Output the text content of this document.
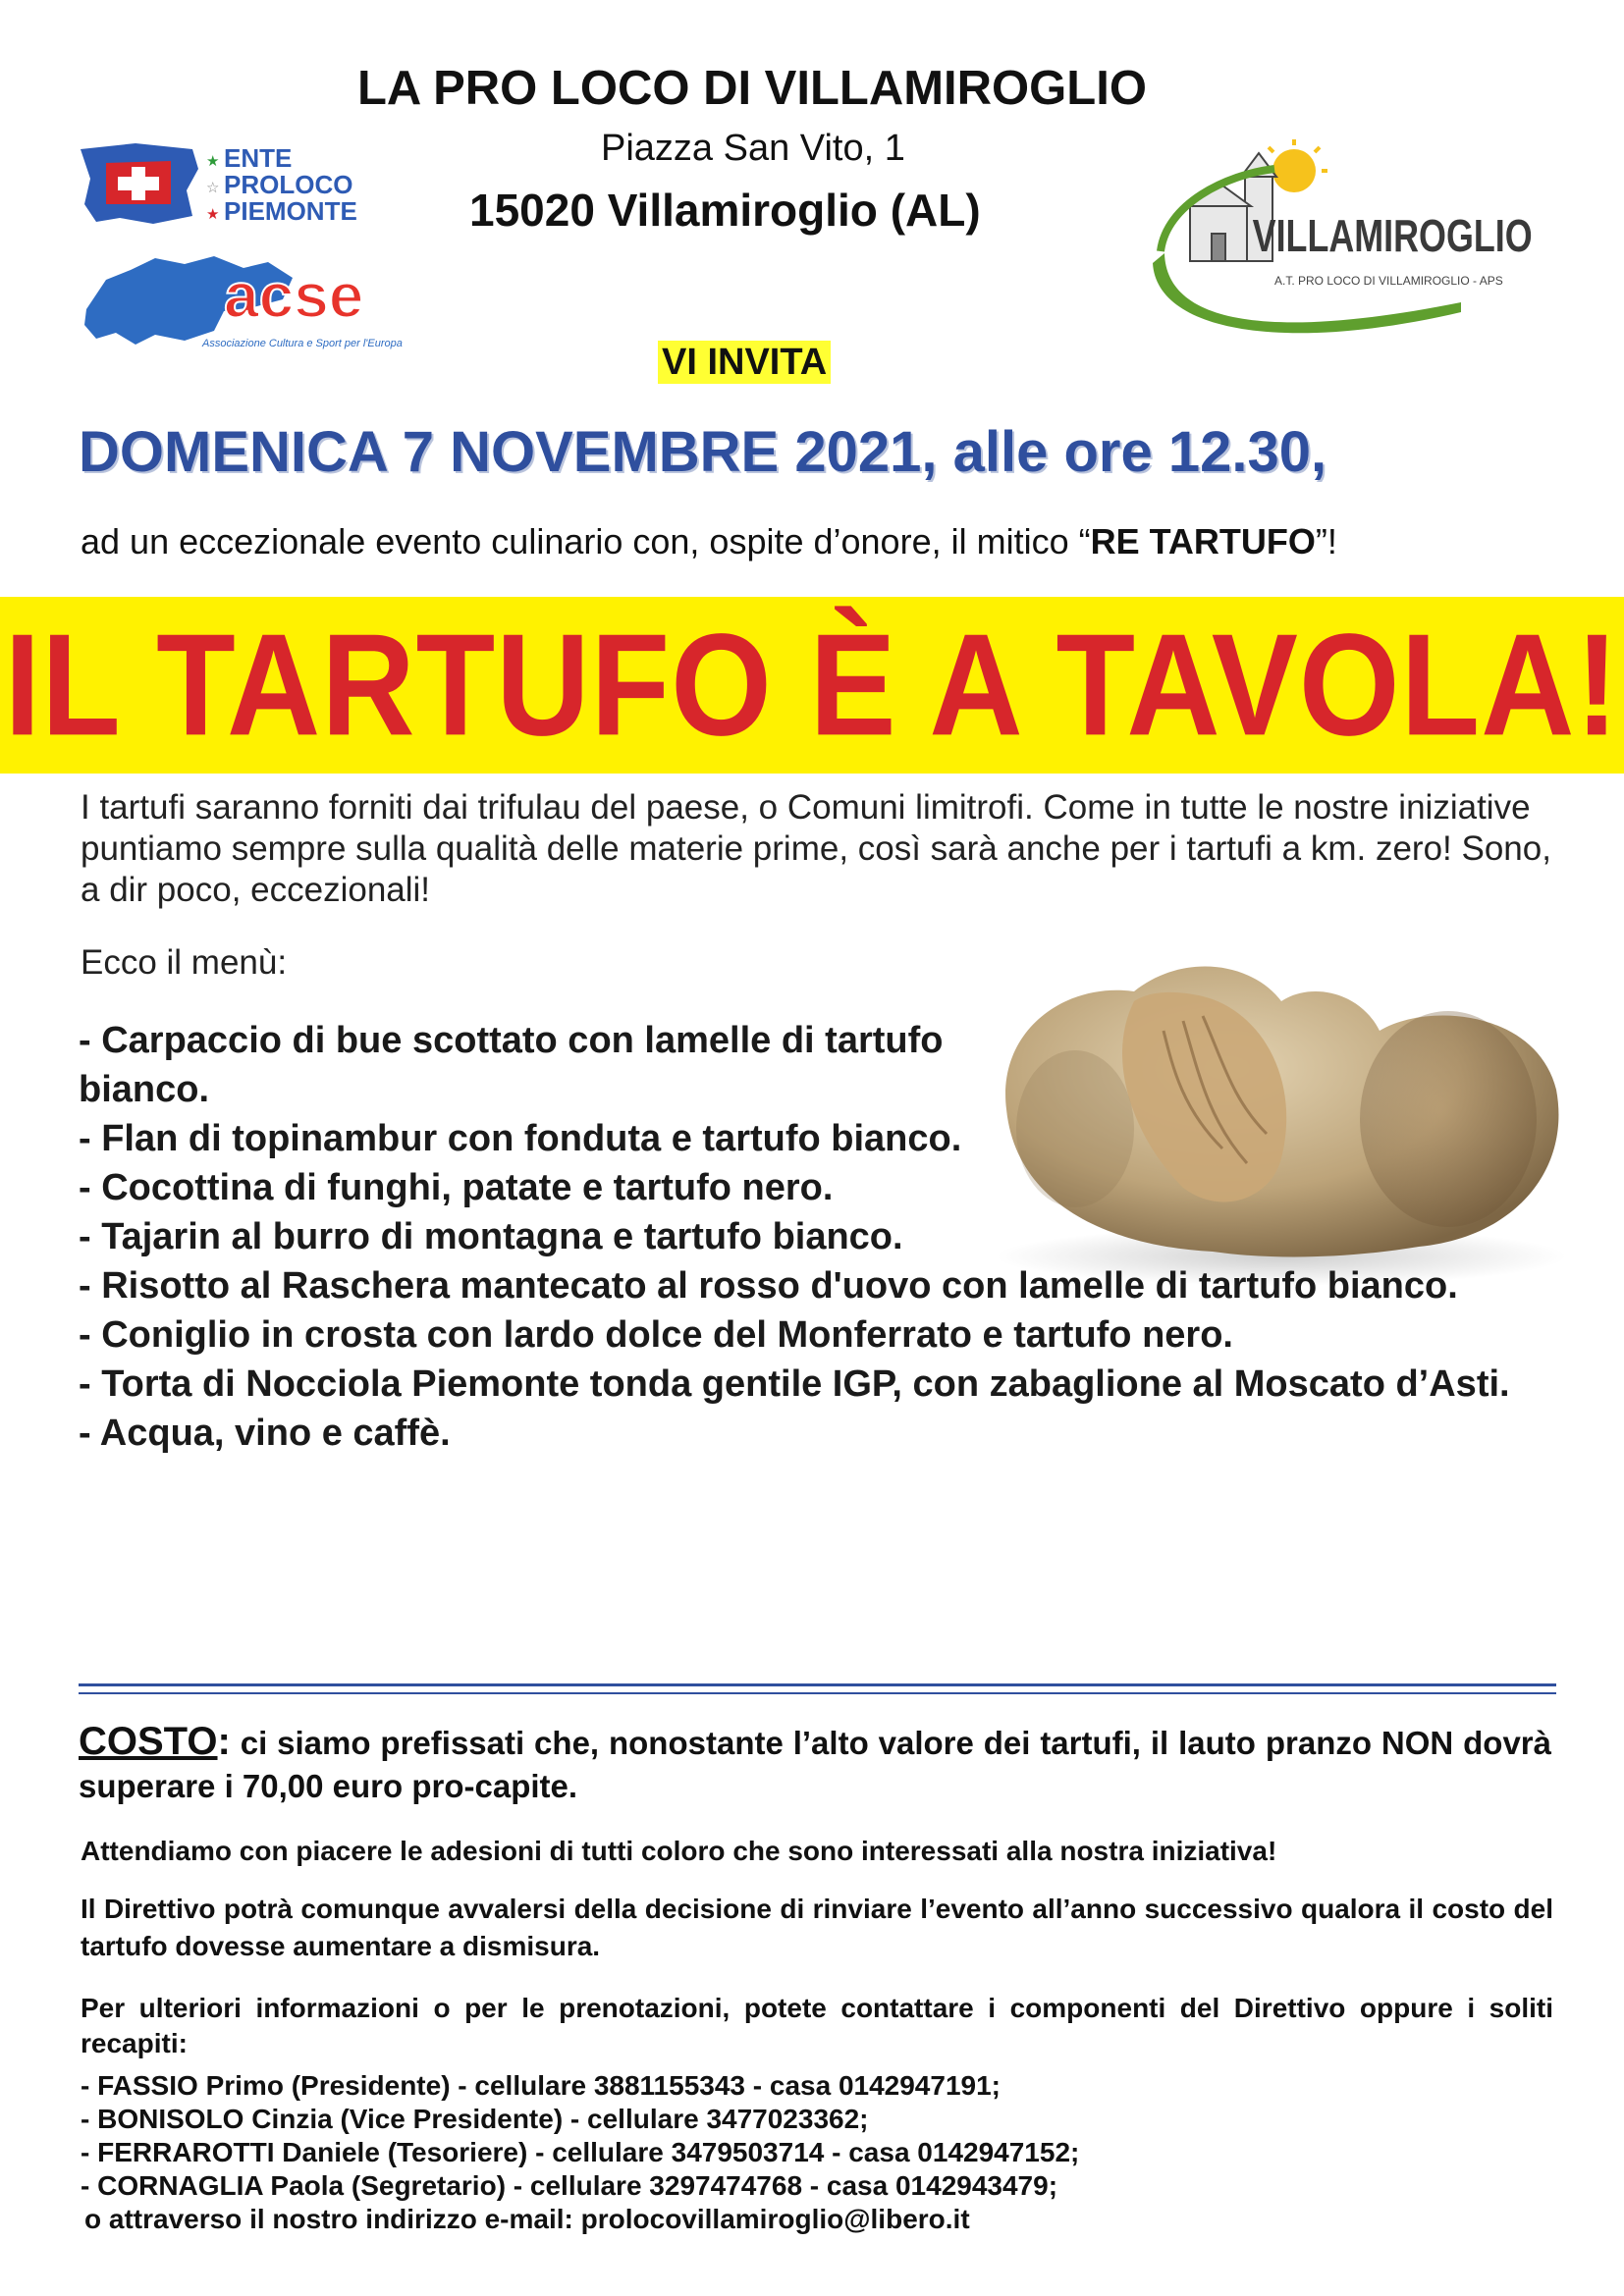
LA PRO LOCO DI VILLAMIROGLIO
Piazza San Vito, 1
15020 Villamiroglio (AL)
★
☆
★
ENTE
PROLOCO
PIEMONTE
acse
Associazione Cultura e Sport per l'Europa
VILLAMIROGLIO
A.T. PRO LOCO DI VILLAMIROGLIO - APS
VI INVITA
DOMENICA 7 NOVEMBRE 2021, alle ore 12.30,
ad un eccezionale evento culinario con, ospite d’onore, il mitico “RE TARTUFO”!
IL TARTUFO È A TAVOLA!
I tartufi saranno forniti dai trifulau del paese, o Comuni limitrofi. Come in tutte le nostre iniziative puntiamo sempre sulla qualità delle materie prime, così sarà anche per i tartufi a km. zero! Sono, a dir poco, eccezionali!
Ecco il menù:
- Carpaccio di bue scottato con lamelle di tartufo bianco.
- Flan di topinambur con fonduta e tartufo bianco.
- Cocottina di funghi, patate e tartufo nero.
- Tajarin al burro di montagna e tartufo bianco.
- Risotto al Raschera mantecato al rosso d'uovo con lamelle di tartufo bianco.
- Coniglio in crosta con lardo dolce del Monferrato e tartufo nero.
- Torta di Nocciola Piemonte tonda gentile IGP, con zabaglione al Moscato d’Asti.
- Acqua, vino e caffè.
COSTO: ci siamo prefissati che, nonostante l’alto valore dei tartufi, il lauto pranzo NON dovrà superare i 70,00 euro pro-capite.
Attendiamo con piacere le adesioni di tutti coloro che sono interessati alla nostra iniziativa!
Il Direttivo potrà comunque avvalersi della decisione di rinviare l’evento all’anno successivo qualora il costo del tartufo dovesse aumentare a dismisura.
Per ulteriori informazioni o per le prenotazioni, potete contattare i componenti del Direttivo oppure i soliti recapiti:
- FASSIO Primo (Presidente) - cellulare 3881155343 - casa 0142947191;
- BONISOLO Cinzia (Vice Presidente) - cellulare 3477023362;
- FERRAROTTI Daniele (Tesoriere) - cellulare 3479503714 - casa 0142947152;
- CORNAGLIA Paola (Segretario) - cellulare 3297474768 - casa 0142943479;
o attraverso il nostro indirizzo e-mail: prolocovillamiroglio@libero.it
